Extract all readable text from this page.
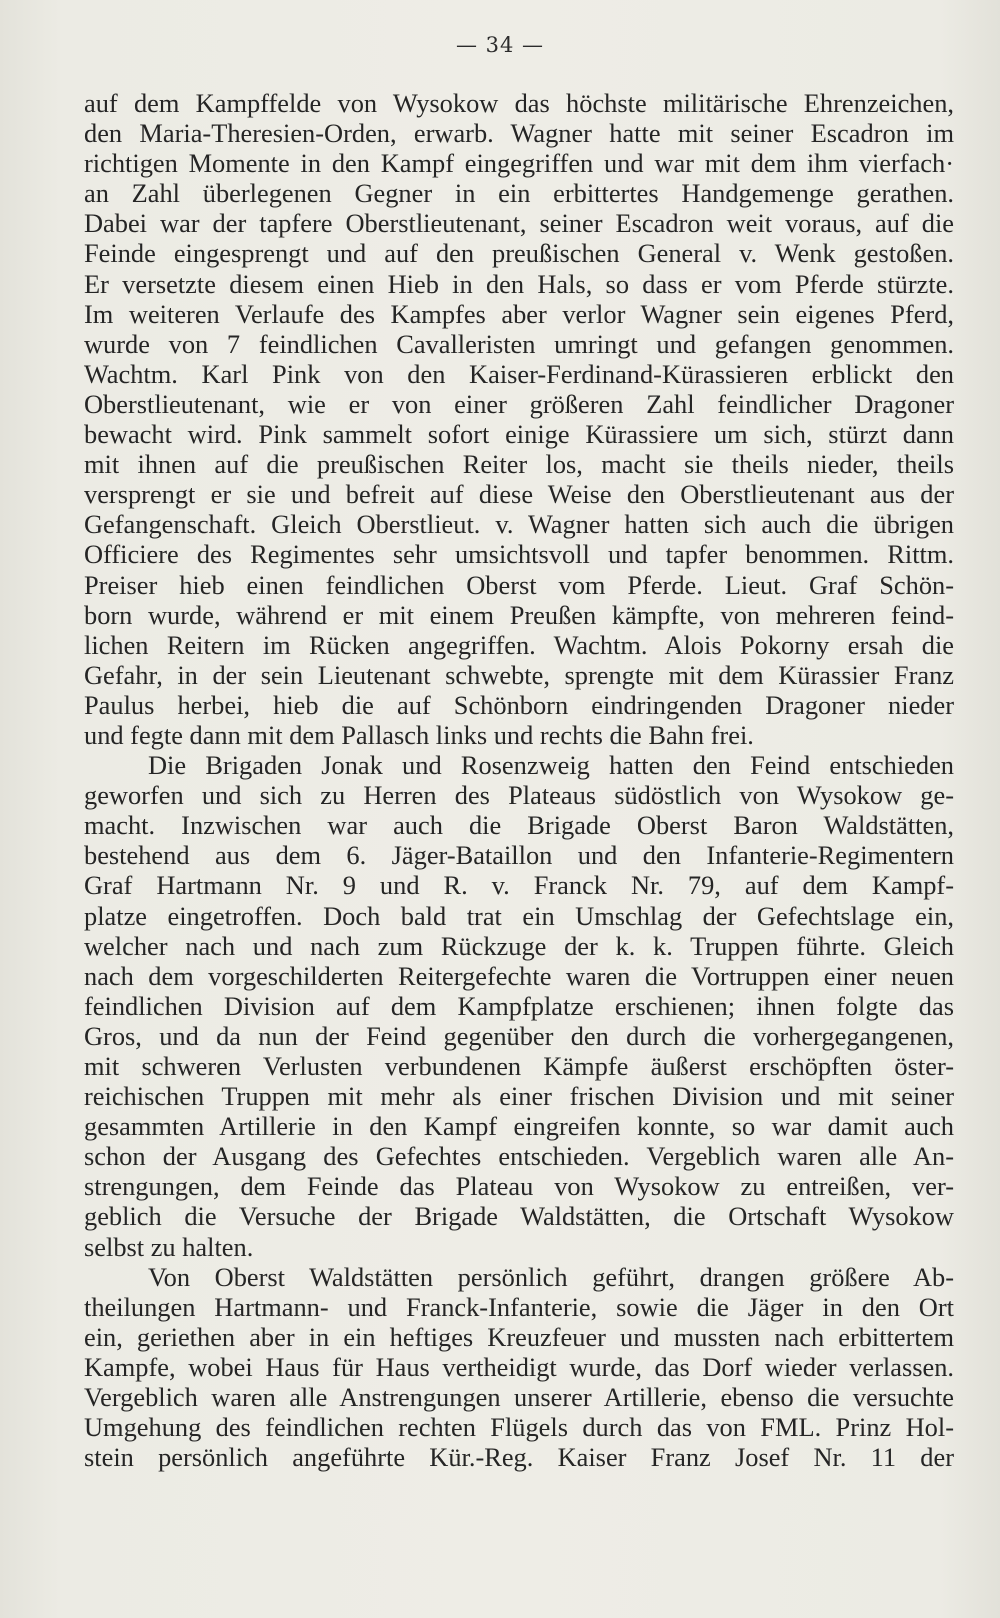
— 34 —
auf dem Kampffelde von Wysokow das höchste militärische Ehrenzeichen,
den Maria-Theresien-Orden, erwarb. Wagner hatte mit seiner Escadron im
richtigen Momente in den Kampf eingegriffen und war mit dem ihm vierfach·
an Zahl überlegenen Gegner in ein erbittertes Handgemenge gerathen.
Dabei war der tapfere Oberstlieutenant, seiner Escadron weit voraus, auf die
Feinde eingesprengt und auf den preußischen General v. Wenk gestoßen.
Er versetzte diesem einen Hieb in den Hals, so dass er vom Pferde stürzte.
Im weiteren Verlaufe des Kampfes aber verlor Wagner sein eigenes Pferd,
wurde von 7 feindlichen Cavalleristen umringt und gefangen genommen.
Wachtm. Karl Pink von den Kaiser-Ferdinand-Kürassieren erblickt den
Oberstlieutenant, wie er von einer größeren Zahl feindlicher Dragoner
bewacht wird. Pink sammelt sofort einige Kürassiere um sich, stürzt dann
mit ihnen auf die preußischen Reiter los, macht sie theils nieder, theils
versprengt er sie und befreit auf diese Weise den Oberstlieutenant aus der
Gefangenschaft. Gleich Oberstlieut. v. Wagner hatten sich auch die übrigen
Officiere des Regimentes sehr umsichtsvoll und tapfer benommen. Rittm.
Preiser hieb einen feindlichen Oberst vom Pferde. Lieut. Graf Schön-
born wurde, während er mit einem Preußen kämpfte, von mehreren feind-
lichen Reitern im Rücken angegriffen. Wachtm. Alois Pokorny ersah die
Gefahr, in der sein Lieutenant schwebte, sprengte mit dem Kürassier Franz
Paulus herbei, hieb die auf Schönborn eindringenden Dragoner nieder
und fegte dann mit dem Pallasch links und rechts die Bahn frei.
Die Brigaden Jonak und Rosenzweig hatten den Feind entschieden
geworfen und sich zu Herren des Plateaus südöstlich von Wysokow ge-
macht. Inzwischen war auch die Brigade Oberst Baron Waldstätten,
bestehend aus dem 6. Jäger-Bataillon und den Infanterie-Regimentern
Graf Hartmann Nr. 9 und R. v. Franck Nr. 79, auf dem Kampf-
platze eingetroffen. Doch bald trat ein Umschlag der Gefechtslage ein,
welcher nach und nach zum Rückzuge der k. k. Truppen führte. Gleich
nach dem vorgeschilderten Reitergefechte waren die Vortruppen einer neuen
feindlichen Division auf dem Kampfplatze erschienen; ihnen folgte das
Gros, und da nun der Feind gegenüber den durch die vorhergegangenen,
mit schweren Verlusten verbundenen Kämpfe äußerst erschöpften öster-
reichischen Truppen mit mehr als einer frischen Division und mit seiner
gesammten Artillerie in den Kampf eingreifen konnte, so war damit auch
schon der Ausgang des Gefechtes entschieden. Vergeblich waren alle An-
strengungen, dem Feinde das Plateau von Wysokow zu entreißen, ver-
geblich die Versuche der Brigade Waldstätten, die Ortschaft Wysokow
selbst zu halten.
Von Oberst Waldstätten persönlich geführt, drangen größere Ab-
theilungen Hartmann- und Franck-Infanterie, sowie die Jäger in den Ort
ein, geriethen aber in ein heftiges Kreuzfeuer und mussten nach erbittertem
Kampfe, wobei Haus für Haus vertheidigt wurde, das Dorf wieder verlassen.
Vergeblich waren alle Anstrengungen unserer Artillerie, ebenso die versuchte
Umgehung des feindlichen rechten Flügels durch das von FML. Prinz Hol-
stein persönlich angeführte Kür.-Reg. Kaiser Franz Josef Nr. 11 der
